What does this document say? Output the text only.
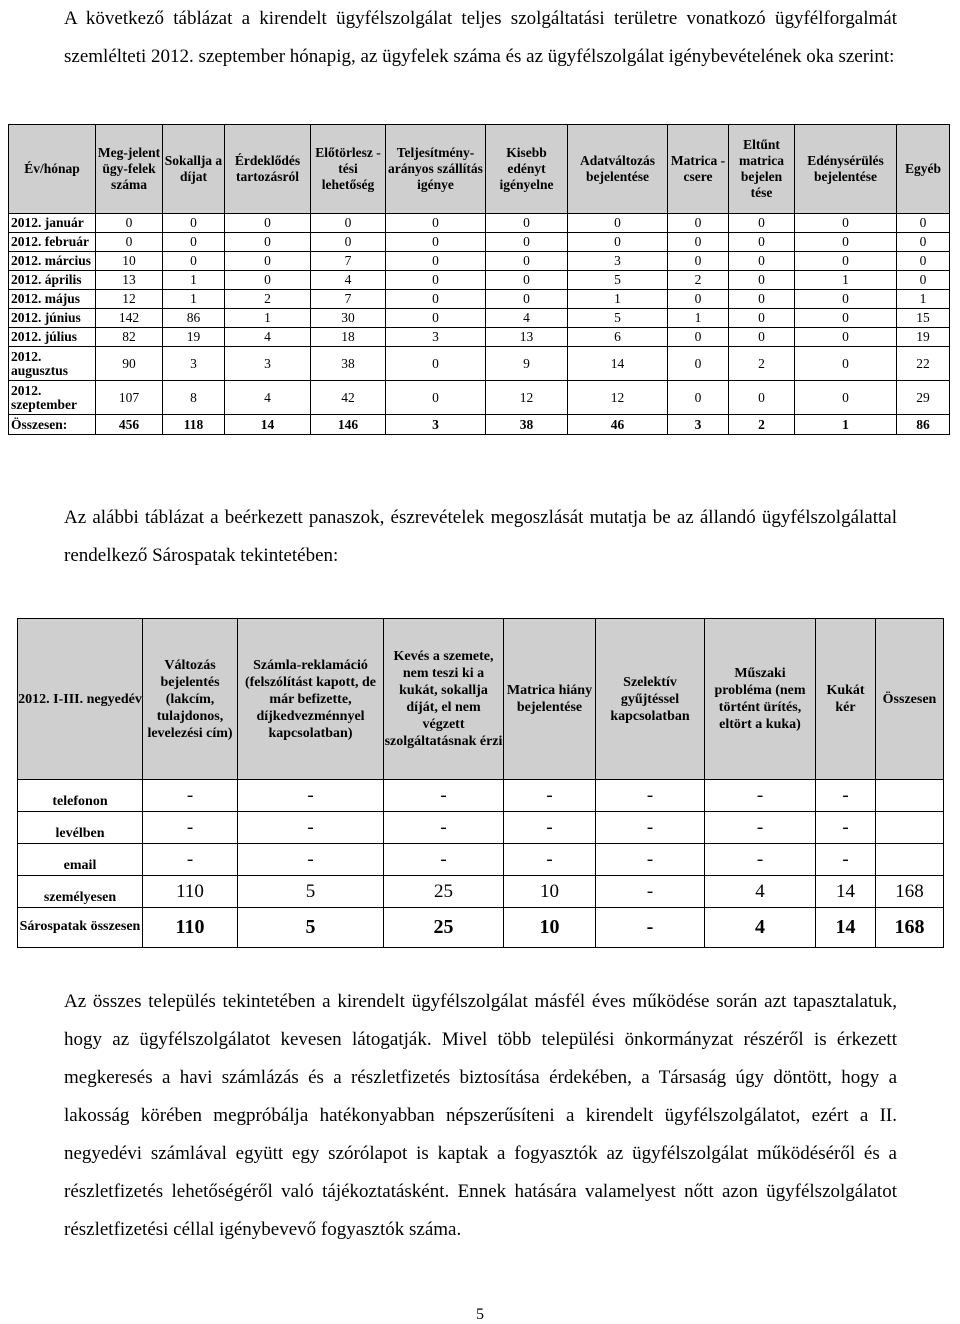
A következő táblázat a kirendelt ügyfélszolgálat teljes szolgáltatási területre vonatkozó ügyfélforgalmát szemlélteti 2012. szeptember hónapig, az ügyfelek száma és az ügyfélszolgálat igénybevételének oka szerint:

Év/hónap	Meg-jelent ügy-felek száma	Sokallja a díjat	Érdeklődés tartozásról	Előtörlesz -tési lehetőség	Teljesítmény-arányos szállítás igénye	Kisebb edényt igényelne	Adatváltozás bejelentése	Matrica -csere	Eltűnt matrica bejelen tése	Edénysérülés bejelentése	Egyéb
2012. január	0	0	0	0	0	0	0	0	0	0	0
2012. február	0	0	0	0	0	0	0	0	0	0	0
2012. március	10	0	0	7	0	0	3	0	0	0	0
2012. április	13	1	0	4	0	0	5	2	0	1	0
2012. május	12	1	2	7	0	0	1	0	0	0	1
2012. június	142	86	1	30	0	4	5	1	0	0	15
2012. július	82	19	4	18	3	13	6	0	0	0	19
2012. augusztus	90	3	3	38	0	9	14	0	2	0	22
2012. szeptember	107	8	4	42	0	12	12	0	0	0	29
Összesen:	456	118	14	146	3	38	46	3	2	1	86

Az alábbi táblázat a beérkezett panaszok, észrevételek megoszlását mutatja be az állandó ügyfélszolgálattal rendelkező Sárospatak tekintetében:

2012. I-III. negyedév	Változás bejelentés (lakcím, tulajdonos, levelezési cím)	Számla-reklamáció (felszólítást kapott, de már befizette, díjkedvezménnyel kapcsolatban)	Kevés a szemete, nem teszi ki a kukát, sokallja díját, el nem végzett szolgáltatásnak érzi	Matrica hiány bejelentése	Szelektív gyűjtéssel kapcsolatban	Műszaki probléma (nem történt ürítés, eltört a kuka)	Kukát kér	Összesen
telefonon	-	-	-	-	-	-	-	
levélben	-	-	-	-	-	-	-	
email	-	-	-	-	-	-	-	
személyesen	110	5	25	10	-	4	14	168
Sárospatak összesen	110	5	25	10	-	4	14	168

Az összes település tekintetében a kirendelt ügyfélszolgálat másfél éves működése során azt tapasztalatuk, hogy az ügyfélszolgálatot kevesen látogatják. Mivel több települési önkormányzat részéről is érkezett megkeresés a havi számlázás és a részletfizetés biztosítása érdekében, a Társaság úgy döntött, hogy a lakosság körében megpróbálja hatékonyabban népszerűsíteni a kirendelt ügyfélszolgálatot, ezért a II. negyedévi számlával együtt egy szórólapot is kaptak a fogyasztók az ügyfélszolgálat működéséről és a részletfizetés lehetőségéről való tájékoztatásként. Ennek hatására valamelyest nőtt azon ügyfélszolgálatot részletfizetési céllal igénybevevő fogyasztók száma.

5
